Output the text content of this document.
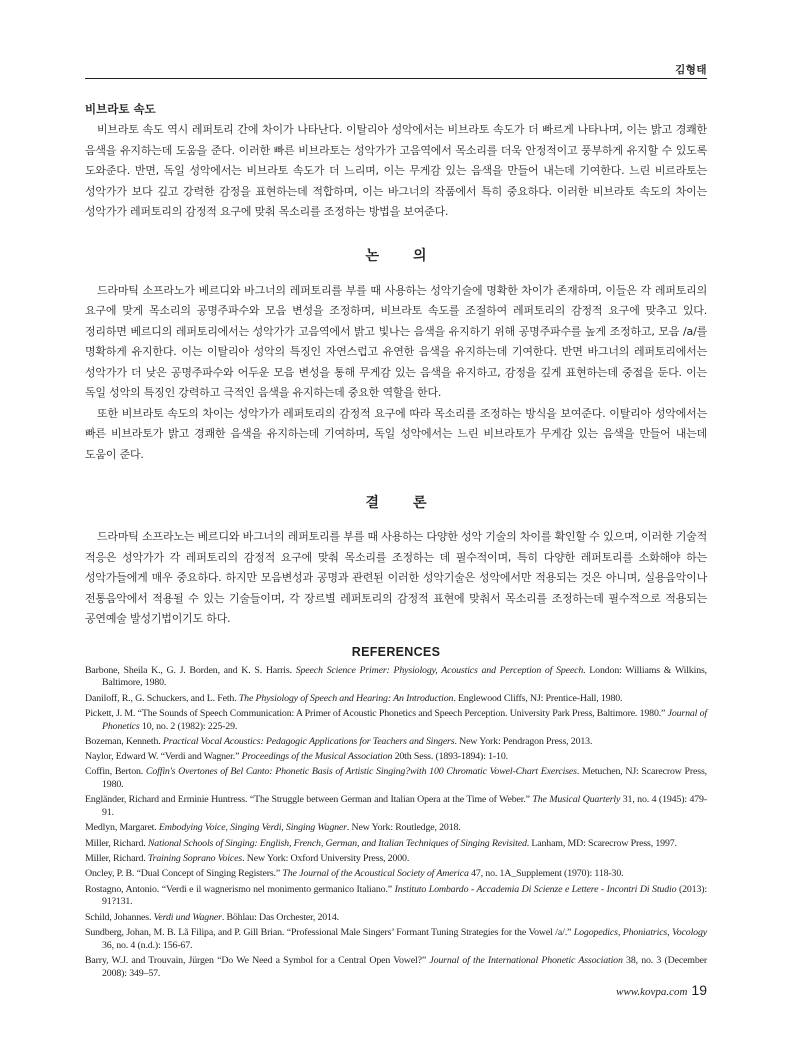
김형태
비브라토 속도

비브라토 속도 역시 레퍼토리 간에 차이가 나타난다. 이탈리아 성악에서는 비브라토 속도가 더 빠르게 나타나며, 이는 밝고 경쾌한 음색을 유지하는데 도움을 준다. 이러한 빠른 비브라토는 성악가가 고음역에서 목소리를 더욱 안정적이고 풍부하게 유지할 수 있도록 도와준다. 반면, 독일 성악에서는 비브라토 속도가 더 느리며, 이는 무게감 있는 음색을 만들어 내는데 기여한다. 느린 비르라토는 성악가가 보다 깊고 강력한 감정을 표현하는데 적합하며, 이는 바그너의 작품에서 특히 중요하다. 이러한 비브라토 속도의 차이는 성악가가 레퍼토리의 감정적 요구에 맞춰 목소리를 조정하는 방법을 보여준다.

논의

드라마틱 소프라노가 베르디와 바그너의 레퍼토리를 부를 때 사용하는 성악기술에 명확한 차이가 존재하며, 이들은 각 레퍼토리의 요구에 맞게 목소리의 공명주파수와 모음 변성을 조정하며, 비브라토 속도를 조절하여 레퍼토리의 감정적 요구에 맞추고 있다. 정리하면 베르디의 레퍼토리에서는 성악가가 고음역에서 밝고 빛나는 음색을 유지하기 위해 공명주파수를 높게 조정하고, 모음 /a/를 명확하게 유지한다. 이는 이탈리아 성악의 특징인 자연스럽고 유연한 음색을 유지하는데 기여한다. 반면 바그너의 레퍼토리에서는 성악가가 더 낮은 공명주파수와 어두운 모음 변성을 통해 무게감 있는 음색을 유지하고, 감정을 깊게 표현하는데 중점을 둔다. 이는 독일 성악의 특징인 강력하고 극적인 음색을 유지하는데 중요한 역할을 한다.

또한 비브라토 속도의 차이는 성악가가 레퍼토리의 감정적 요구에 따라 목소리를 조정하는 방식을 보여준다. 이탈리아 성악에서는 빠른 비브라토가 밝고 경쾌한 음색을 유지하는데 기여하며, 독일 성악에서는 느린 비브라토가 무게감 있는 음색을 만들어 내는데 도움이 준다.

결론

드라마틱 소프라노는 베르디와 바그너의 레퍼토리를 부를 때 사용하는 다양한 성악 기술의 차이를 확인할 수 있으며, 이러한 기술적 적응은 성악가가 각 레퍼토리의 감정적 요구에 맞춰 목소리를 조정하는 데 필수적이며, 특히 다양한 레퍼토리를 소화해야 하는 성악가들에게 매우 중요하다. 하지만 모음변성과 공명과 관련된 이러한 성악기술은 성악에서만 적용되는 것은 아니며, 실용음악이나 전통음악에서 적용될 수 있는 기술들이며, 각 장르별 레퍼토리의 감정적 표현에 맞춰서 목소리를 조정하는데 필수적으로 적용되는 공연예술 발성기법이기도 하다.

REFERENCES
Barbone, Sheila K., G. J. Borden, and K. S. Harris. Speech Science Primer: Physiology, Acoustics and Perception of Speech. London: Williams & Wilkins, Baltimore, 1980.
Daniloff, R., G. Schuckers, and L. Feth. The Physiology of Speech and Hearing: An Introduction. Englewood Cliffs, NJ: Prentice-Hall, 1980.
Pickett, J. M. “The Sounds of Speech Communication: A Primer of Acoustic Phonetics and Speech Perception. University Park Press, Baltimore. 1980.” Journal of Phonetics 10, no. 2 (1982): 225-29.
Bozeman, Kenneth. Practical Vocal Acoustics: Pedagogic Applications for Teachers and Singers. New York: Pendragon Press, 2013.
Naylor, Edward W. “Verdi and Wagner.” Proceedings of the Musical Association 20th Sess. (1893-1894): 1-10.
Coffin, Berton. Coffin's Overtones of Bel Canto: Phonetic Basis of Artistic Singing?with 100 Chromatic Vowel-Chart Exercises. Metuchen, NJ: Scarecrow Press, 1980.
Engländer, Richard and Erminie Huntress. “The Struggle between German and Italian Opera at the Time of Weber.” The Musical Quarterly 31, no. 4 (1945): 479-91.
Medlyn, Margaret. Embodying Voice, Singing Verdi, Singing Wagner. New York: Routledge, 2018.
Miller, Richard. National Schools of Singing: English, French, German, and Italian Techniques of Singing Revisited. Lanham, MD: Scarecrow Press, 1997.
Miller, Richard. Training Soprano Voices. New York: Oxford University Press, 2000.
Oncley, P. B. “Dual Concept of Singing Registers.” The Journal of the Acoustical Society of America 47, no. 1A_Supplement (1970): 118-30.
Rostagno, Antonio. “Verdi e il wagnerismo nel monimento germanico Italiano.” Instituto Lombardo - Accademia Di Scienze e Lettere - Incontri Di Studio (2013): 91?131.
Schild, Johannes. Verdi und Wagner. Böhlau: Das Orchester, 2014.
Sundberg, Johan, M. B. Lã Filipa, and P. Gill Brian. “Professional Male Singers’ Formant Tuning Strategies for the Vowel /a/.” Logopedics, Phoniatrics, Vocology 36, no. 4 (n.d.): 156-67.
Barry, W.J. and Trouvain, Jürgen “Do We Need a Symbol for a Central Open Vowel?” Journal of the International Phonetic Association 38, no. 3 (December 2008): 349–57.
www.kovpa.com 19
